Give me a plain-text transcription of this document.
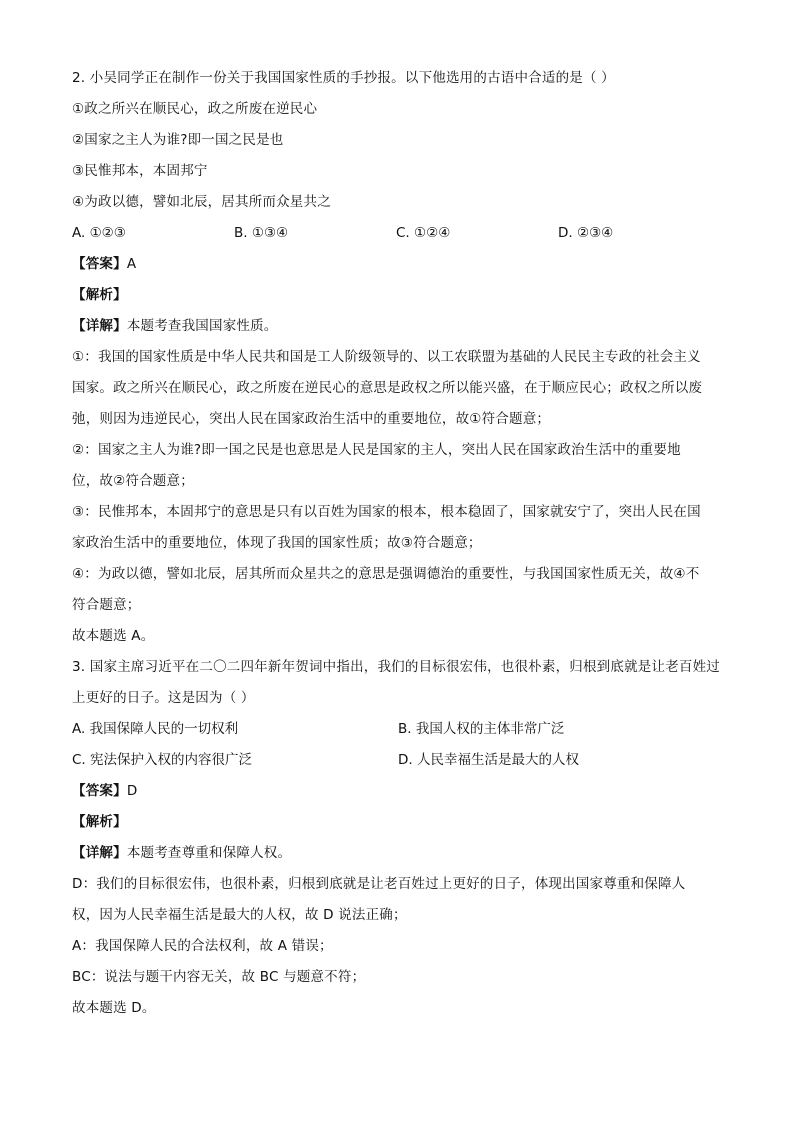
2. 小吴同学正在制作一份关于我国国家性质的手抄报。以下他选用的古语中合适的是（ ）
①政之所兴在顺民心，政之所废在逆民心
②国家之主人为谁?即一国之民是也
③民惟邦本，本固邦宁
④为政以德，譬如北辰，居其所而众星共之
A. ①②③	B. ①③④	C. ①②④	D. ②③④
【答案】A
【解析】
【详解】本题考查我国国家性质。
①：我国的国家性质是中华人民共和国是工人阶级领导的、以工农联盟为基础的人民民主专政的社会主义
国家。政之所兴在顺民心，政之所废在逆民心的意思是政权之所以能兴盛，在于顺应民心；政权之所以废
弛，则因为违逆民心，突出人民在国家政治生活中的重要地位，故①符合题意；
②：国家之主人为谁?即一国之民是也意思是人民是国家的主人，突出人民在国家政治生活中的重要地
位，故②符合题意；
③：民惟邦本，本固邦宁的意思是只有以百姓为国家的根本，根本稳固了，国家就安宁了，突出人民在国
家政治生活中的重要地位，体现了我国的国家性质；故③符合题意；
④：为政以德，譬如北辰，居其所而众星共之的意思是强调德治的重要性，与我国国家性质无关，故④不
符合题意；
故本题选 A。
3. 国家主席习近平在二〇二四年新年贺词中指出，我们的目标很宏伟，也很朴素，归根到底就是让老百姓过
上更好的日子。这是因为（ ）
A. 我国保障人民的一切权利	B. 我国人权的主体非常广泛
C. 宪法保护入权的内容很广泛	D. 人民幸福生活是最大的人权
【答案】D
【解析】
【详解】本题考查尊重和保障人权。
D：我们的目标很宏伟，也很朴素，归根到底就是让老百姓过上更好的日子，体现出国家尊重和保障人
权，因为人民幸福生活是最大的人权，故 D 说法正确；
A：我国保障人民的合法权利，故 A 错误；
BC：说法与题干内容无关，故 BC 与题意不符；
故本题选 D。
